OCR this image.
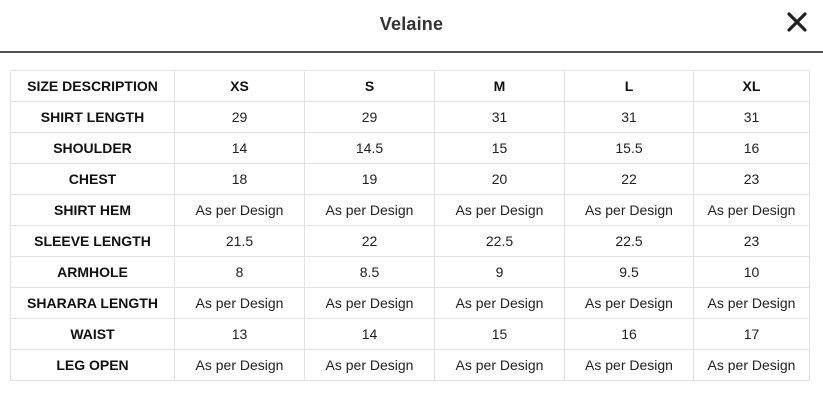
Velaine
SIZE DESCRIPTION	XS	S	M	L	XL
SHIRT LENGTH	29	29	31	31	31
SHOULDER	14	14.5	15	15.5	16
CHEST	18	19	20	22	23
SHIRT HEM	As per Design	As per Design	As per Design	As per Design	As per Design
SLEEVE LENGTH	21.5	22	22.5	22.5	23
ARMHOLE	8	8.5	9	9.5	10
SHARARA LENGTH	As per Design	As per Design	As per Design	As per Design	As per Design
WAIST	13	14	15	16	17
LEG OPEN	As per Design	As per Design	As per Design	As per Design	As per Design
